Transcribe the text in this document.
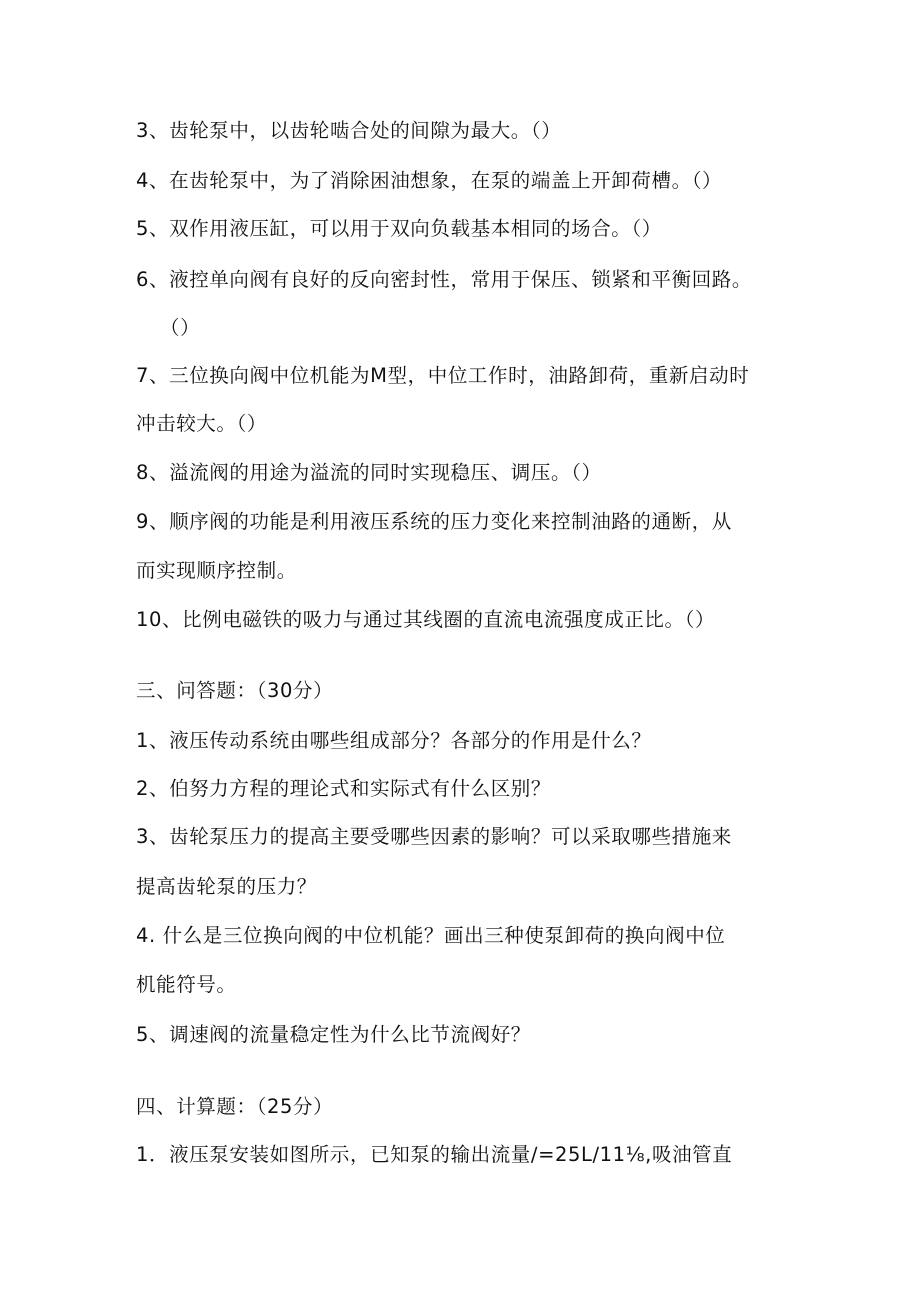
3、齿轮泵中，以齿轮啮合处的间隙为最大。（）
4、在齿轮泵中，为了消除困油想象，在泵的端盖上开卸荷槽。（）
5、双作用液压缸，可以用于双向负载基本相同的场合。（）
6、液控单向阀有良好的反向密封性，常用于保压、锁紧和平衡回路。
（）
7、三位换向阀中位机能为M型，中位工作时，油路卸荷，重新启动时
冲击较大。（）
8、溢流阀的用途为溢流的同时实现稳压、调压。（）
9、顺序阀的功能是利用液压系统的压力变化来控制油路的通断，从
而实现顺序控制。
10、比例电磁铁的吸力与通过其线圈的直流电流强度成正比。（）
三、问答题：（30分）
1、液压传动系统由哪些组成部分？各部分的作用是什么？
2、伯努力方程的理论式和实际式有什么区别？
3、齿轮泵压力的提高主要受哪些因素的影响？可以采取哪些措施来
提高齿轮泵的压力？
4. 什么是三位换向阀的中位机能？画出三种使泵卸荷的换向阀中位
机能符号。
5、调速阀的流量稳定性为什么比节流阀好？
四、计算题：（25分）
1．液压泵安装如图所示，已知泵的输出流量∕=25L∕11⅛,吸油管直
